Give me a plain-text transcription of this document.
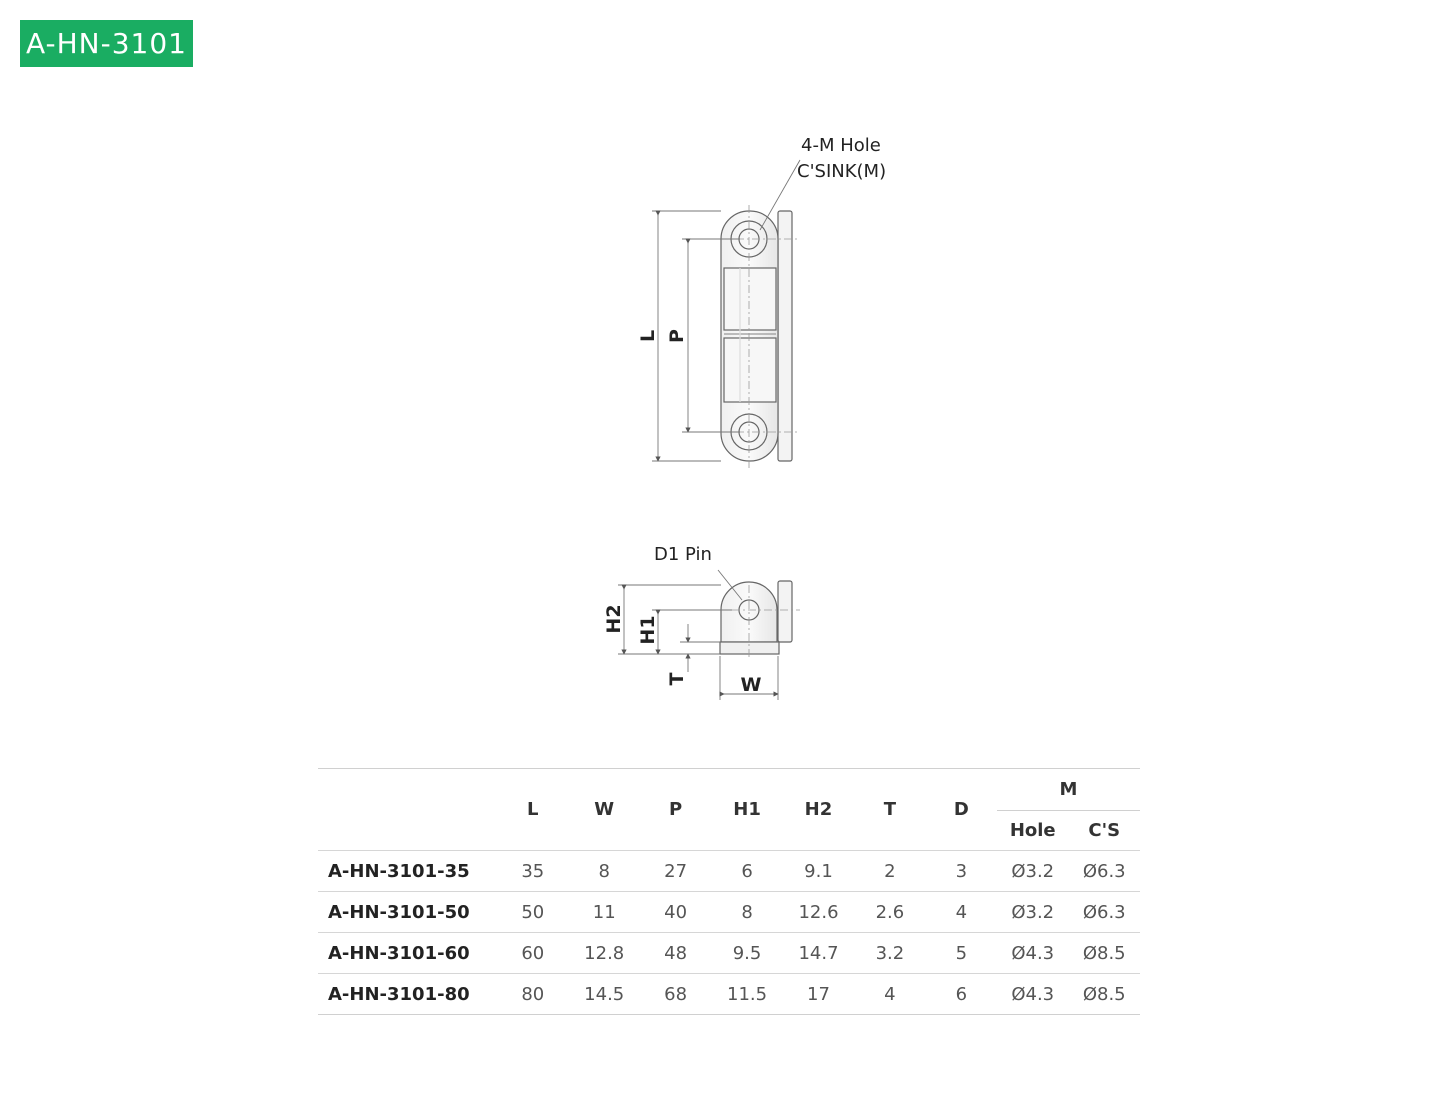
A-HN-3101
4-M Hole
C'SINK(M)
L P
D1 Pin
H2 H1
T	W
	L	W	P	H1	H2	T	D	M	
								Hole	C'S
A-HN-3101-35	35	8	27	6	9.1	2	3	Ø3.2	Ø6.3
A-HN-3101-50	50	11	40	8	12.6	2.6	4	Ø3.2	Ø6.3
A-HN-3101-60	60	12.8	48	9.5	14.7	3.2	5	Ø4.3	Ø8.5
A-HN-3101-80	80	14.5	68	11.5	17	4	6	Ø4.3	Ø8.5
